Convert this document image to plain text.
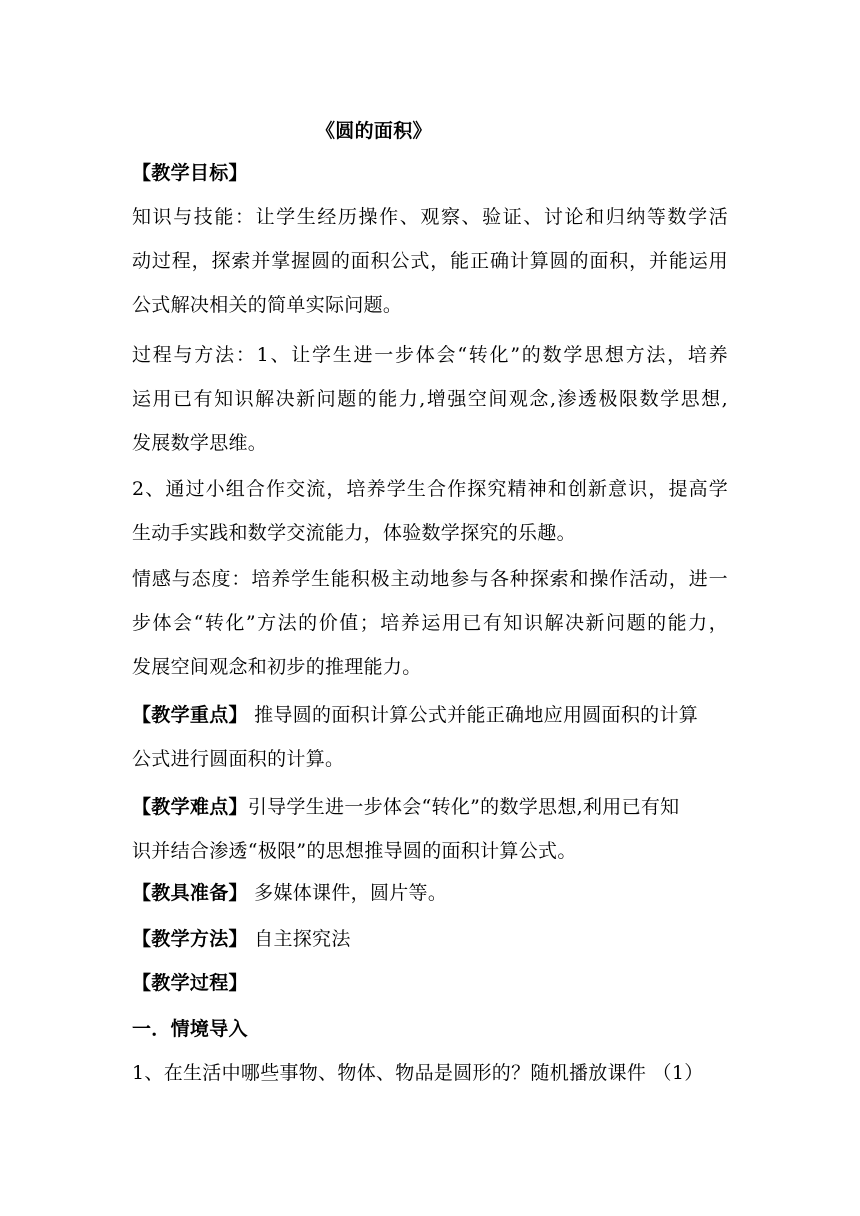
《圆的面积》
【教学目标】
知识与技能：让学生经历操作、观察、验证、讨论和归纳等数学活
动过程，探索并掌握圆的面积公式，能正确计算圆的面积，并能运用
公式解决相关的简单实际问题。
过程与方法：1、让学生进一步体会“转化”的数学思想方法，培养
运用已有知识解决新问题的能力,增强空间观念,渗透极限数学思想,
发展数学思维。
2、通过小组合作交流，培养学生合作探究精神和创新意识，提高学
生动手实践和数学交流能力，体验数学探究的乐趣。
情感与态度：培养学生能积极主动地参与各种探索和操作活动，进一
步体会“转化”方法的价值；培养运用已有知识解决新问题的能力，
发展空间观念和初步的推理能力。
【教学重点】 推导圆的面积计算公式并能正确地应用圆面积的计算
公式进行圆面积的计算。
【教学难点】引导学生进一步体会“转化”的数学思想,利用已有知
识并结合渗透“极限”的思想推导圆的面积计算公式。
【教具准备】 多媒体课件，圆片等。
【教学方法】 自主探究法
【教学过程】
一．情境导入
1、在生活中哪些事物、物体、物品是圆形的？随机播放课件 （1）
